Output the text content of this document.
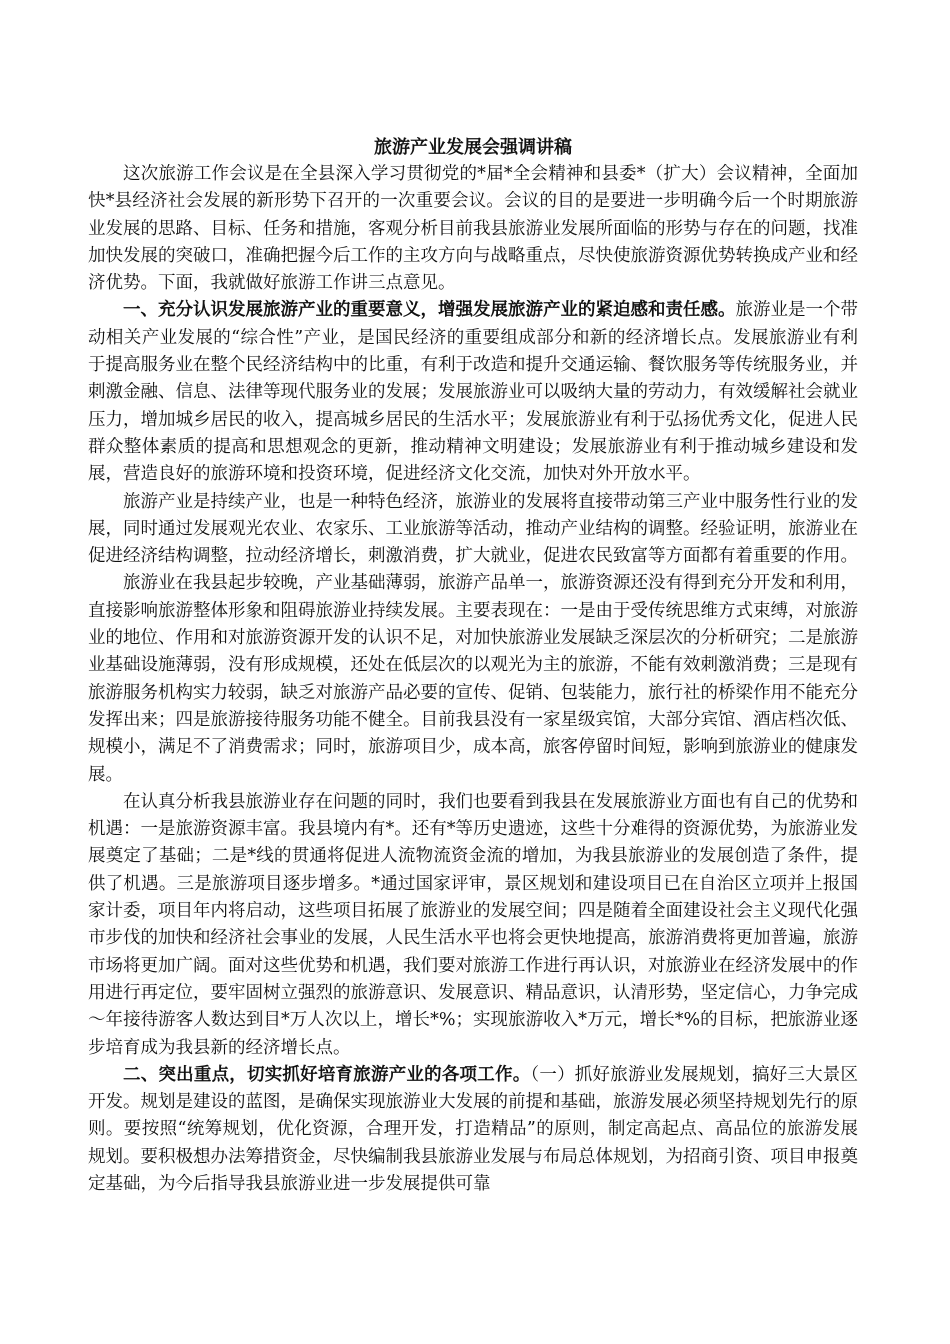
旅游产业发展会强调讲稿

这次旅游工作会议是在全县深入学习贯彻党的*届*全会精神和县委*（扩大）会议精神，全面加快*县经济社会发展的新形势下召开的一次重要会议。会议的目的是要进一步明确今后一个时期旅游业发展的思路、目标、任务和措施，客观分析目前我县旅游业发展所面临的形势与存在的问题，找准加快发展的突破口，准确把握今后工作的主攻方向与战略重点，尽快使旅游资源优势转换成产业和经济优势。下面，我就做好旅游工作讲三点意见。

一、充分认识发展旅游产业的重要意义，增强发展旅游产业的紧迫感和责任感。旅游业是一个带动相关产业发展的“综合性”产业，是国民经济的重要组成部分和新的经济增长点。发展旅游业有利于提高服务业在整个民经济结构中的比重，有利于改造和提升交通运输、餐饮服务等传统服务业，并刺激金融、信息、法律等现代服务业的发展；发展旅游业可以吸纳大量的劳动力，有效缓解社会就业压力，增加城乡居民的收入，提高城乡居民的生活水平；发展旅游业有利于弘扬优秀文化，促进人民群众整体素质的提高和思想观念的更新，推动精神文明建设；发展旅游业有利于推动城乡建设和发展，营造良好的旅游环境和投资环境，促进经济文化交流，加快对外开放水平。

旅游产业是持续产业，也是一种特色经济，旅游业的发展将直接带动第三产业中服务性行业的发展，同时通过发展观光农业、农家乐、工业旅游等活动，推动产业结构的调整。经验证明，旅游业在促进经济结构调整，拉动经济增长，刺激消费，扩大就业，促进农民致富等方面都有着重要的作用。

旅游业在我县起步较晚，产业基础薄弱，旅游产品单一，旅游资源还没有得到充分开发和利用，直接影响旅游整体形象和阻碍旅游业持续发展。主要表现在：一是由于受传统思维方式束缚，对旅游业的地位、作用和对旅游资源开发的认识不足，对加快旅游业发展缺乏深层次的分析研究；二是旅游业基础设施薄弱，没有形成规模，还处在低层次的以观光为主的旅游，不能有效刺激消费；三是现有旅游服务机构实力较弱，缺乏对旅游产品必要的宣传、促销、包装能力，旅行社的桥梁作用不能充分发挥出来；四是旅游接待服务功能不健全。目前我县没有一家星级宾馆，大部分宾馆、酒店档次低、规模小，满足不了消费需求；同时，旅游项目少，成本高，旅客停留时间短，影响到旅游业的健康发展。

在认真分析我县旅游业存在问题的同时，我们也要看到我县在发展旅游业方面也有自己的优势和机遇：一是旅游资源丰富。我县境内有*。还有*等历史遗迹，这些十分难得的资源优势，为旅游业发展奠定了基础；二是*线的贯通将促进人流物流资金流的增加，为我县旅游业的发展创造了条件，提供了机遇。三是旅游项目逐步增多。*通过国家评审，景区规划和建设项目已在自治区立项并上报国家计委，项目年内将启动，这些项目拓展了旅游业的发展空间；四是随着全面建设社会主义现代化强市步伐的加快和经济社会事业的发展，人民生活水平也将会更快地提高，旅游消费将更加普遍，旅游市场将更加广阔。面对这些优势和机遇，我们要对旅游工作进行再认识，对旅游业在经济发展中的作用进行再定位，要牢固树立强烈的旅游意识、发展意识、精品意识，认清形势，坚定信心，力争完成～年接待游客人数达到目*万人次以上，增长*%；实现旅游收入*万元，增长*%的目标，把旅游业逐步培育成为我县新的经济增长点。

二、突出重点，切实抓好培育旅游产业的各项工作。（一）抓好旅游业发展规划，搞好三大景区开发。规划是建设的蓝图，是确保实现旅游业大发展的前提和基础，旅游发展必须坚持规划先行的原则。要按照“统筹规划，优化资源，合理开发，打造精品”的原则，制定高起点、高品位的旅游发展规划。要积极想办法筹措资金，尽快编制我县旅游业发展与布局总体规划，为招商引资、项目申报奠定基础，为今后指导我县旅游业进一步发展提供可靠
